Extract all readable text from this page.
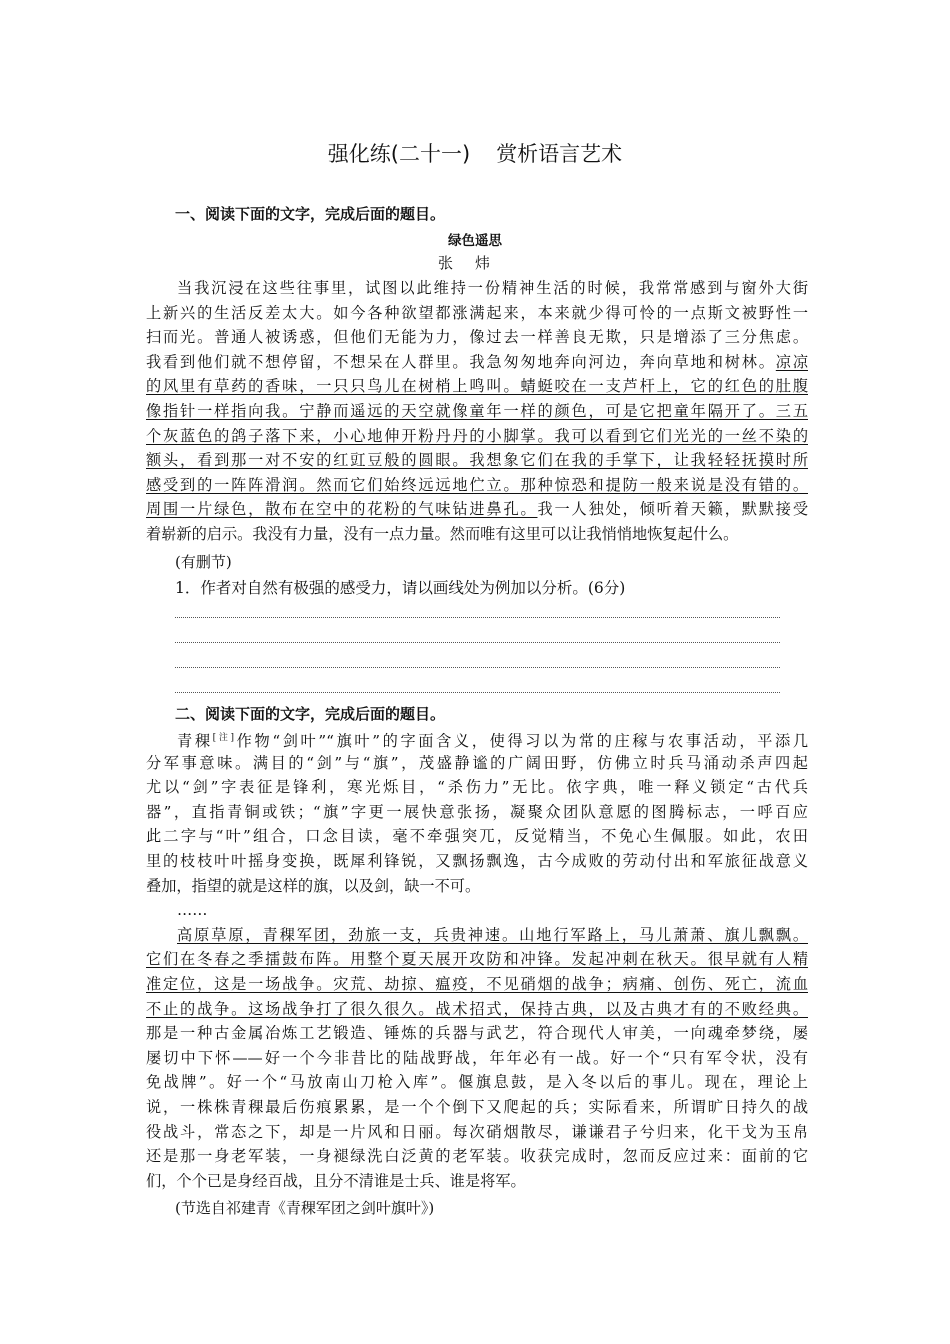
强化练(二十一) 赏析语言艺术
一、阅读下面的文字，完成后面的题目。
绿色遥思
张炜
当我沉浸在这些往事里，试图以此维持一份精神生活的时候，我常常感到与窗外大街
上新兴的生活反差太大。如今各种欲望都涨满起来，本来就少得可怜的一点斯文被野性一
扫而光。普通人被诱惑，但他们无能为力，像过去一样善良无欺，只是增添了三分焦虑。
我看到他们就不想停留，不想呆在人群里。我急匆匆地奔向河边，奔向草地和树林。凉凉
的风里有草药的香味，一只只鸟儿在树梢上鸣叫。蜻蜓咬在一支芦杆上，它的红色的肚腹
像指针一样指向我。宁静而遥远的天空就像童年一样的颜色，可是它把童年隔开了。三五
个灰蓝色的鸽子落下来，小心地伸开粉丹丹的小脚掌。我可以看到它们光光的一丝不染的
额头，看到那一对不安的红豇豆般的圆眼。我想象它们在我的手掌下，让我轻轻抚摸时所
感受到的一阵阵滑润。然而它们始终远远地伫立。那种惊恐和提防一般来说是没有错的。
周围一片绿色，散布在空中的花粉的气味钻进鼻孔。我一人独处，倾听着天籁，默默接受
着崭新的启示。我没有力量，没有一点力量。然而唯有这里可以让我悄悄地恢复起什么。
(有删节)
1．作者对自然有极强的感受力，请以画线处为例加以分析。(6分)
二、阅读下面的文字，完成后面的题目。
青稞[注]作物“剑叶”“旗叶”的字面含义，使得习以为常的庄稼与农事活动，平添几
分军事意味。满目的“剑”与“旗”，茂盛静谧的广阔田野，仿佛立时兵马涌动杀声四起
尤以“剑”字表征是锋利，寒光烁目，“杀伤力”无比。依字典，唯一释义锁定“古代兵
器”，直指青铜或铁；“旗”字更一展快意张扬，凝聚众团队意愿的图腾标志，一呼百应
此二字与“叶”组合，口念目读，毫不牵强突兀，反觉精当，不免心生佩服。如此，农田
里的枝枝叶叶摇身变换，既犀利锋锐，又飘扬飘逸，古今成败的劳动付出和军旅征战意义
叠加，指望的就是这样的旗，以及剑，缺一不可。
……
高原草原，青稞军团，劲旅一支，兵贵神速。山地行军路上，马儿萧萧、旗儿飘飘。
它们在冬春之季擂鼓布阵。用整个夏天展开攻防和冲锋。发起冲刺在秋天。很早就有人精
准定位，这是一场战争。灾荒、劫掠、瘟疫，不见硝烟的战争；病痛、创伤、死亡，流血
不止的战争。这场战争打了很久很久。战术招式，保持古典，以及古典才有的不败经典。
那是一种古金属冶炼工艺锻造、锤炼的兵器与武艺，符合现代人审美，一向魂牵梦绕，屡
屡切中下怀——好一个今非昔比的陆战野战，年年必有一战。好一个“只有军令状，没有
免战牌”。好一个“马放南山刀枪入库”。偃旗息鼓，是入冬以后的事儿。现在，理论上
说，一株株青稞最后伤痕累累，是一个个倒下又爬起的兵；实际看来，所谓旷日持久的战
役战斗，常态之下，却是一片风和日丽。每次硝烟散尽，谦谦君子兮归来，化干戈为玉帛
还是那一身老军装，一身褪绿洗白泛黄的老军装。收获完成时，忽而反应过来：面前的它
们，个个已是身经百战，且分不清谁是士兵、谁是将军。
(节选自祁建青《青稞军团之剑叶旗叶》)
